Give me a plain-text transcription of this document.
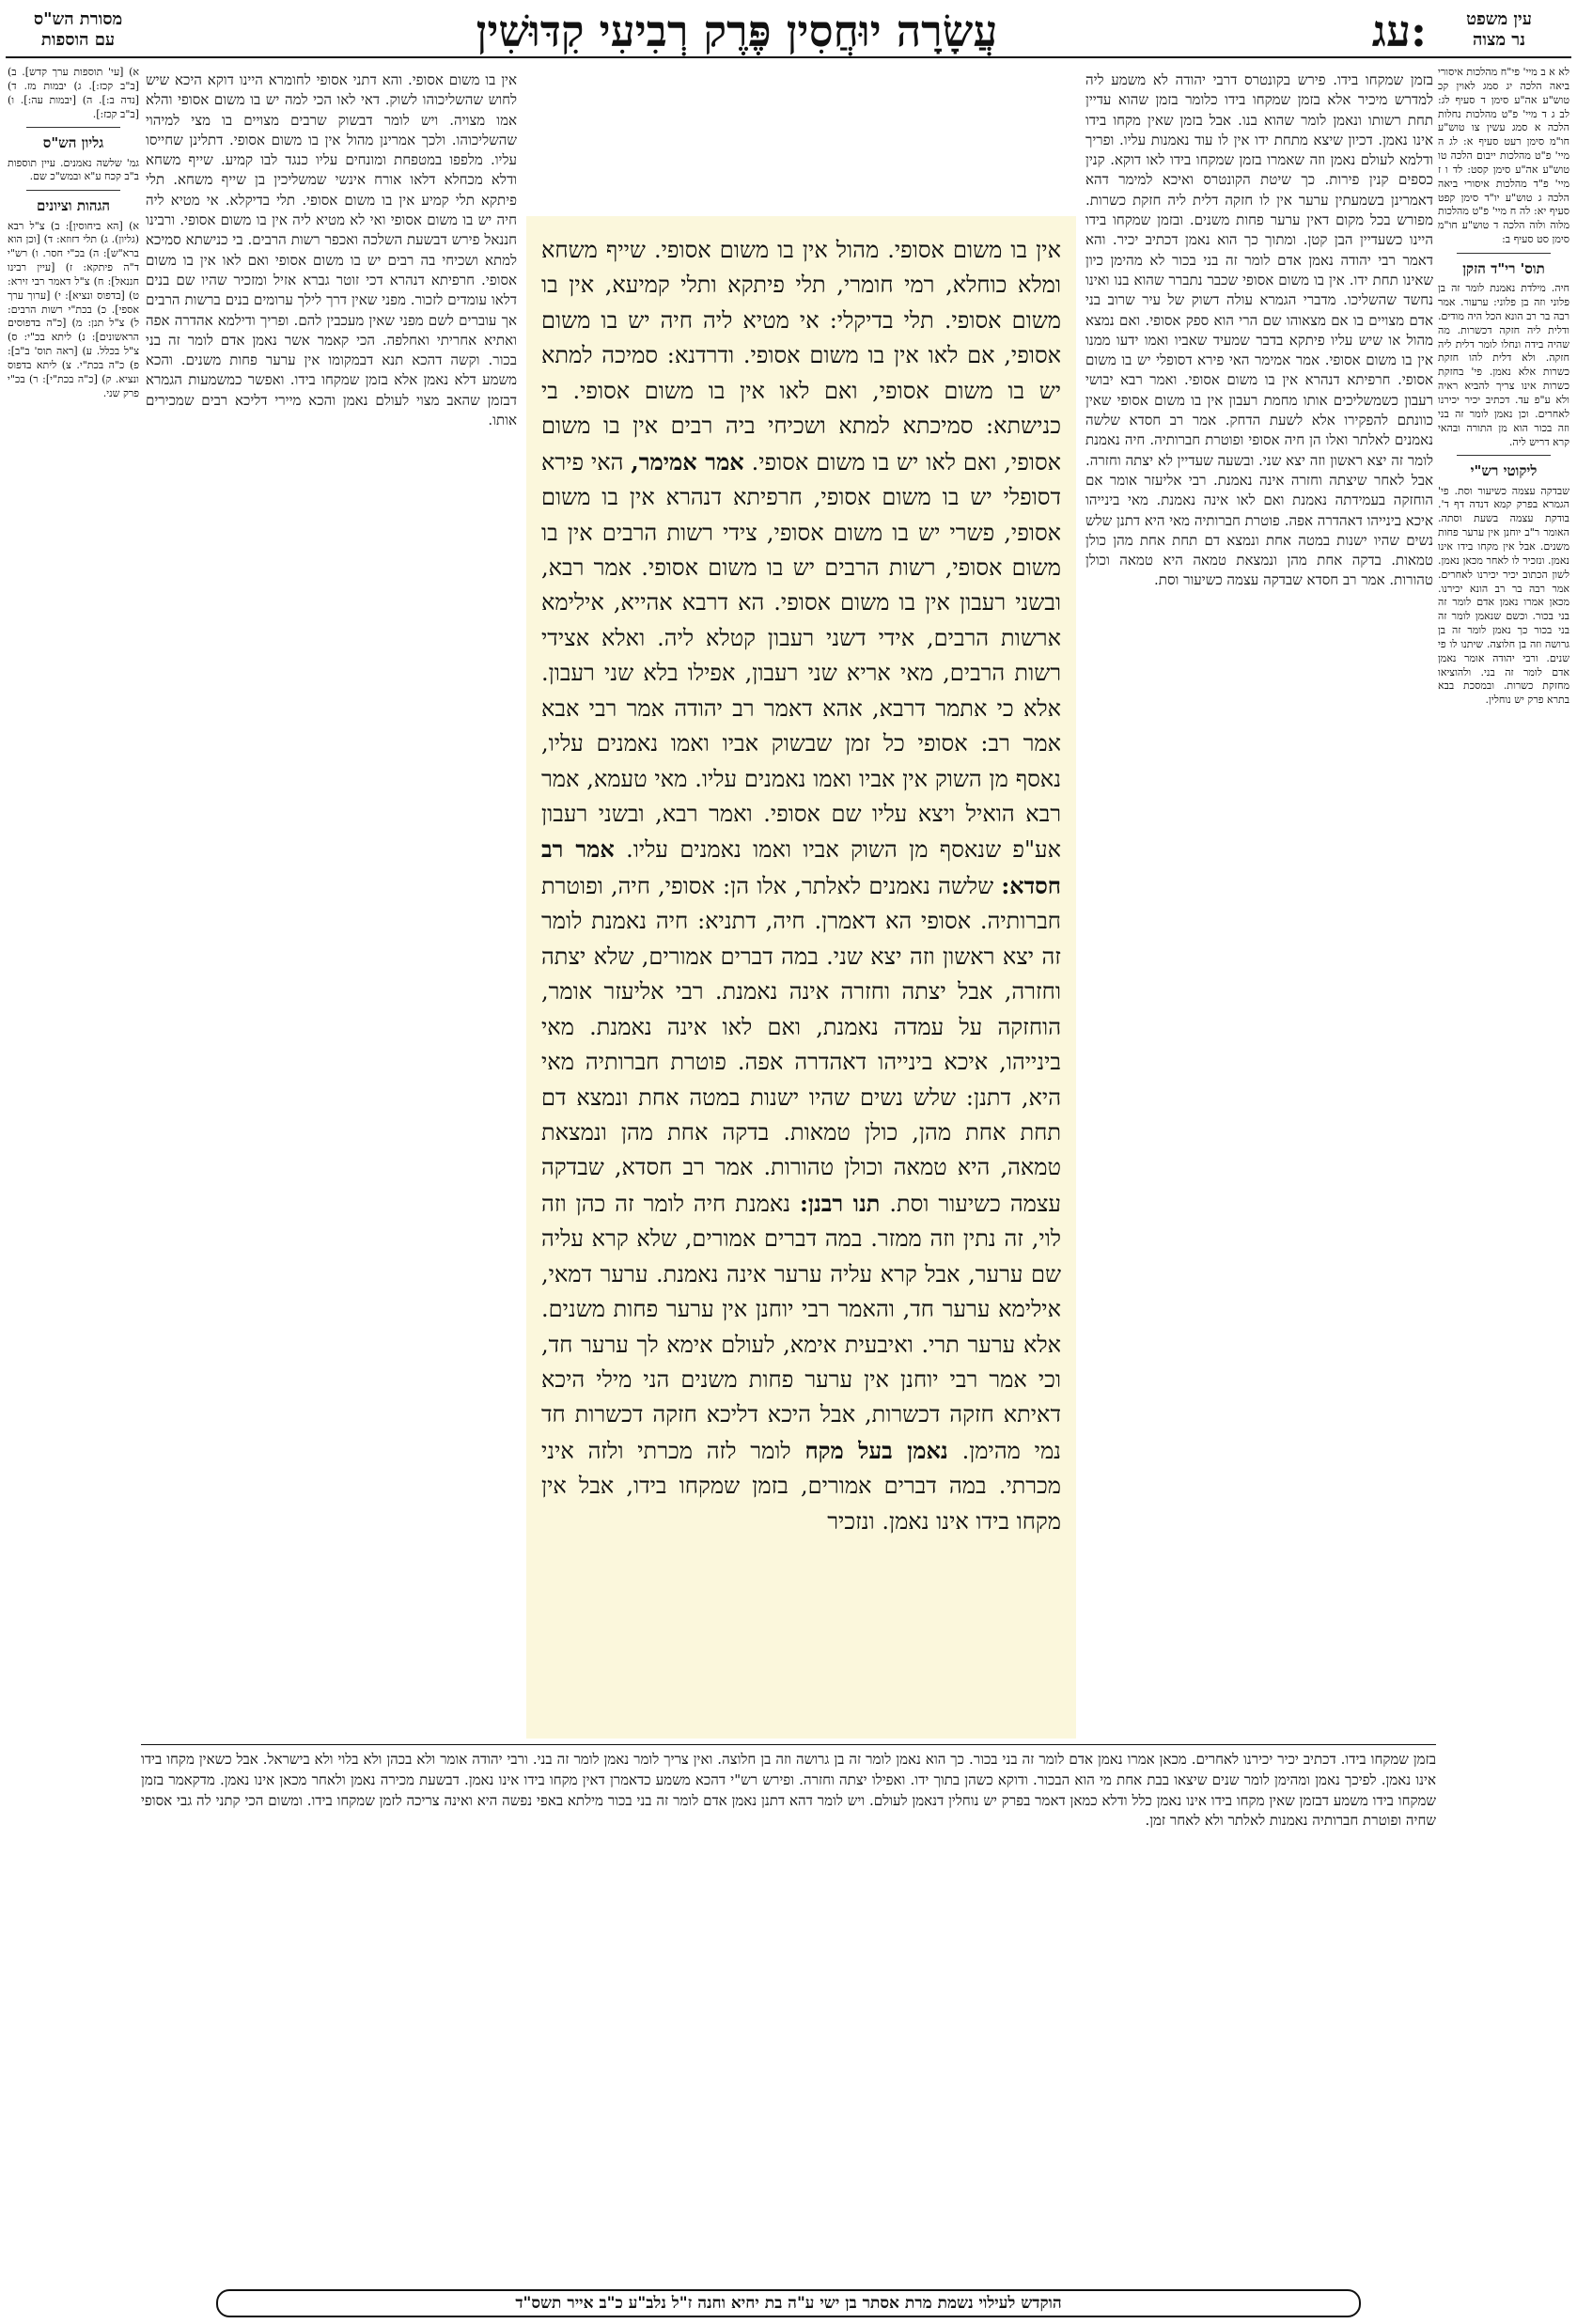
עין משפט
נר מצוה
מסורת הש"ס
עם הוספות	עג:
עֲשָׂרָה יוּחֲסִין פֶּרֶק רְבִיעִי קִדּוּשִׁין

לא א ב מיי' פי"ח מהלכות איסורי ביאה הלכה יג סמג לאוין קכ טוש"ע אה"ע סימן ד סעיף לג: לב ג ד מיי' פ"ט מהלכות נחלות הלכה א סמג עשין צו טוש"ע חו"מ סימן רעט סעיף א: לג ה מיי' פ"ט מהלכות ייבום הלכה טו טוש"ע אה"ע סימן קסט: לד ו ז מיי' פ"ד מהלכות איסורי ביאה הלכה ג טוש"ע יו"ד סימן קפט סעיף יא: לה ח מיי' פ"ט מהלכות מלוה ולוה הלכה ד טוש"ע חו"מ סימן סט סעיף ב:

תוס' רי"ד הזקן

חיה. מילדת נאמנת לומר זה בן פלוני וזה בן פלוני: ערעור. אמר רבה בר רב הונא הכל היה מודים. ודלית ליה חזקה דכשרות. מה שהיה בידה ונחלו לומר דלית ליה חזקה. ולא דלית להו חזקת כשרות אלא נאמן. פי' בחזקת כשרות אינו צריך להביא ראיה ולא ע"פ עד. דכתיב יכיר יכירנו לאחרים. וכן נאמן לומר זה בני וזה בכור הוא מן התורה ובהאי קרא דריש ליה.

ליקוטי רש"י

שבדקה עצמה כשיעור וסת. פי' הגמרא בפרק קמא דנדה דף ד'. בודקת עצמה בשעת וסתה. האומר ר"ב יוחנן אין ערער פחות משנים. אבל אין מקחו בידו אינו נאמן. ונזכיר לו לאחר מכאן נאמן. לשון הכתוב יכיר יכירנו לאחרים. אמר רבה בר רב הונא יכירנו. מכאן אמרו נאמן אדם לומר זה בני בכור. וכשם שנאמן לומר זה בני בכור כך נאמן לומר זה בן גרושה וזה בן חלוצה. שיתנו לו פי שנים. ורבי יהודה אומר נאמן אדם לומר זה בני. ולהוציאו מחזקת כשרות. ובמסכת בבא בתרא פרק יש נוחלין.

א) [עי' תוספות ערך קדש]. ב) [ב"ב קכז:]. ג) יבמות מז. ד) [נדה ב:]. ה) [יבמות עה:]. ו) [ב"ב קכז:].

גליון הש"ס

גמ' שלשה נאמנים. עיין תוספות ב"ב קכח ע"א ובמש"כ שם.

הגהות וציונים

א) [הא ביחוסין]: ב) צ"ל רבא (גליון). ג) תלי דזוזא: ד) [וכן הוא ברא"ש]: ה) בכ"י חסר. ו) רש"י ד"ה פיתקא: ז) [עיין רבינו חננאל]: ח) צ"ל דאמר רבי זירא: ט) [בדפוס ונציא]: י) [ערוך ערך אספי]. כ) בכת"י רשות הרבים: ל) צ"ל תנן: מ) [כ"ה בדפוסים הראשונים]: נ) ליתא בכ"י: ס) צ"ל בכלל. ע) [ראה תוס' ב"ב]: פ) כ"ה בכת"י. צ) ליתא בדפוס ונציא. ק) [כ"ה בכת"י]: ר) בכ"י פרק שני.

בזמן שמקחו בידו. פירש בקונטרס דרבי יהודה לא משמע ליה למדרש מיכיר אלא בזמן שמקחו בידו כלומר בזמן שהוא עדיין תחת רשותו ונאמן לומר שהוא בנו. אבל בזמן שאין מקחו בידו אינו נאמן. דכיון שיצא מתחת ידו אין לו עוד נאמנות עליו. ופריך ודלמא לעולם נאמן וזה שאמרו בזמן שמקחו בידו לאו דוקא. קנין כספים קנין פירות. כך שיטת הקונטרס ואיכא למימר דהא דאמרינן בשמעתין ערער אין לו חזקה דלית ליה חזקת כשרות. מפורש בכל מקום דאין ערער פחות משנים. ובזמן שמקחו בידו היינו כשעדיין הבן קטן. ומתוך כך הוא נאמן דכתיב יכיר. והא דאמר רבי יהודה נאמן אדם לומר זה בני בכור לא מהימן כיון שאינו תחת ידו. אין בו משום אסופי שכבר נתברר שהוא בנו ואינו נחשד שהשליכו. מדברי הגמרא עולה דשוק של עיר שרוב בני אדם מצויים בו אם מצאוהו שם הרי הוא ספק אסופי. ואם נמצא מהול או שיש עליו פיתקא בדבר שמעיד שאביו ואמו ידעו ממנו אין בו משום אסופי. אמר אמימר האי פירא דסופלי יש בו משום אסופי. חרפיתא דנהרא אין בו משום אסופי. ואמר רבא יבושי רעבון כשמשליכים אותו מחמת רעבון אין בו משום אסופי שאין כוונתם להפקירו אלא לשעת הדחק. אמר רב חסדא שלשה נאמנים לאלתר ואלו הן חיה אסופי ופוטרת חברותיה. חיה נאמנת לומר זה יצא ראשון וזה יצא שני. ובשעה שעדיין לא יצתה וחזרה. אבל לאחר שיצתה וחזרה אינה נאמנת. רבי אליעזר אומר אם הוחזקה בעמידתה נאמנת ואם לאו אינה נאמנת. מאי בינייהו איכא בינייהו דאהדרה אפה. פוטרת חברותיה מאי היא דתנן שלש נשים שהיו ישנות במטה אחת ונמצא דם תחת אחת מהן כולן טמאות. בדקה אחת מהן ונמצאת טמאה היא טמאה וכולן טהורות. אמר רב חסדא שבדקה עצמה כשיעור וסת.

אין בו משום אסופי. והא דתני אסופי לחומרא היינו דוקא היכא שיש לחוש שהשליכוהו לשוק. דאי לאו הכי למה יש בו משום אסופי והלא אמו מצויה. ויש לומר דבשוק שרבים מצויים בו מצי למיהוי שהשליכוהו. ולכך אמרינן מהול אין בו משום אסופי. דתלינן שחייסו עליו. מלפפו במטפחת ומונחים עליו כנגד לבו קמיע. שייף משחא ודלא מכחלא דלאו אורח אינשי שמשליכין בן שייף משחא. תלי פיתקא תלי קמיע אין בו משום אסופי. תלי בדיקלא. אי מטיא ליה חיה יש בו משום אסופי ואי לא מטיא ליה אין בו משום אסופי. ורבינו חננאל פירש דבשעת השלכה ואכפר רשות הרבים. בי כנישתא סמיכא למתא ושכיחי בה רבים יש בו משום אסופי ואם לאו אין בו משום אסופי. חרפיתא דנהרא דכי זוטר גברא אזיל ומזכיר שהיו שם בנים דלאו עומדים לזכור. מפני שאין דרך לילך ערומים בנים ברשות הרבים אך עוברים לשם מפני שאין מעכבין להם. ופריך ודילמא אהדרה אפה ואתיא אחריתי ואחלפה. הכי קאמר אשר נאמן אדם לומר זה בני בכור. וקשה דהכא תנא דבמקומו אין ערער פחות משנים. והכא משמע דלא נאמן אלא בזמן שמקחו בידו. ואפשר כמשמעות הגמרא דבזמן שהאב מצוי לעולם נאמן והכא מיירי דליכא רבים שמכירים אותו.

אין בו משום אסופי. מהול אין בו משום אסופי. שייף משחא ומלא כוחלא, רמי חומרי, תלי פיתקא ותלי קמיעא, אין בו משום אסופי. תלי בדיקלי: אי מטיא ליה חיה יש בו משום אסופי, אם לאו אין בו משום אסופי. ודרדנא: סמיכה למתא יש בו משום אסופי, ואם לאו אין בו משום אסופי. בי כנישתא: סמיכתא למתא ושכיחי ביה רבים אין בו משום אסופי, ואם לאו יש בו משום אסופי. אמר אמימר, האי פירא דסופלי יש בו משום אסופי, חרפיתא דנהרא אין בו משום אסופי, פשרי יש בו משום אסופי, צידי רשות הרבים אין בו משום אסופי, רשות הרבים יש בו משום אסופי. אמר רבא, ובשני רעבון אין בו משום אסופי. הא דרבא אהייא, אילימא ארשות הרבים, אידי דשני רעבון קטלא ליה. ואלא אצידי רשות הרבים, מאי אריא שני רעבון, אפילו בלא שני רעבון. אלא כי אתמר דרבא, אהא דאמר רב יהודה אמר רבי אבא אמר רב: אסופי כל זמן שבשוק אביו ואמו נאמנים עליו, נאסף מן השוק אין אביו ואמו נאמנים עליו. מאי טעמא, אמר רבא הואיל ויצא עליו שם אסופי. ואמר רבא, ובשני רעבון אע"פ שנאסף מן השוק אביו ואמו נאמנים עליו. אמר רב חסדא: שלשה נאמנים לאלתר, אלו הן: אסופי, חיה, ופוטרת חברותיה. אסופי הא דאמרן. חיה, דתניא: חיה נאמנת לומר זה יצא ראשון וזה יצא שני. במה דברים אמורים, שלא יצתה וחזרה, אבל יצתה וחזרה אינה נאמנת. רבי אליעזר אומר, הוחזקה על עמדה נאמנת, ואם לאו אינה נאמנת. מאי בינייהו, איכא בינייהו דאהדרה אפה. פוטרת חברותיה מאי היא, דתנן: שלש נשים שהיו ישנות במטה אחת ונמצא דם תחת אחת מהן, כולן טמאות. בדקה אחת מהן ונמצאת טמאה, היא טמאה וכולן טהורות. אמר רב חסדא, שבדקה עצמה כשיעור וסת. תנו רבנן: נאמנת חיה לומר זה כהן וזה לוי, זה נתין וזה ממזר. במה דברים אמורים, שלא קרא עליה שם ערער, אבל קרא עליה ערער אינה נאמנת. ערער דמאי, אילימא ערער חד, והאמר רבי יוחנן אין ערער פחות משנים. אלא ערער תרי. ואיבעית אימא, לעולם אימא לך ערער חד, וכי אמר רבי יוחנן אין ערער פחות משנים הני מילי היכא דאיתא חזקה דכשרות, אבל היכא דליכא חזקה דכשרות חד נמי מהימן. נאמן בעל מקח לומר לזה מכרתי ולזה איני מכרתי. במה דברים אמורים, בזמן שמקחו בידו, אבל אין מקחו בידו אינו נאמן. ונזכיר
בזמן שמקחו בידו. דכתיב יכיר יכירנו לאחרים. מכאן אמרו נאמן אדם לומר זה בני בכור. כך הוא נאמן לומר זה בן גרושה וזה בן חלוצה. ואין צריך לומר נאמן לומר זה בני. ורבי יהודה אומר ולא בכהן ולא בלוי ולא בישראל. אבל כשאין מקחו בידו אינו נאמן. לפיכך נאמן ומהימן לומר שנים שיצאו בבת אחת מי הוא הבכור. ודוקא כשהן בתוך ידו. ואפילו יצתה וחזרה. ופירש רש"י דהכא משמע כדאמרן דאין מקחו בידו אינו נאמן. דבשעת מכירה נאמן ולאחר מכאן אינו נאמן. מדקאמר בזמן שמקחו בידו משמע דבזמן שאין מקחו בידו אינו נאמן כלל ודלא כמאן דאמר בפרק יש נוחלין דנאמן לעולם. ויש לומר דהא דתנן נאמן אדם לומר זה בני בכור מילתא באפי נפשה היא ואינה צריכה לזמן שמקחו בידו. ומשום הכי קתני לה גבי אסופי שחיה ופוטרת חברותיה נאמנות לאלתר ולא לאחר זמן.
הוקדש לעילוי נשמת מרת אסתר בן ישי ע"ה בת יחיא וחנה ז"ל נלב"ע כ"ב אייר תשס"ד
